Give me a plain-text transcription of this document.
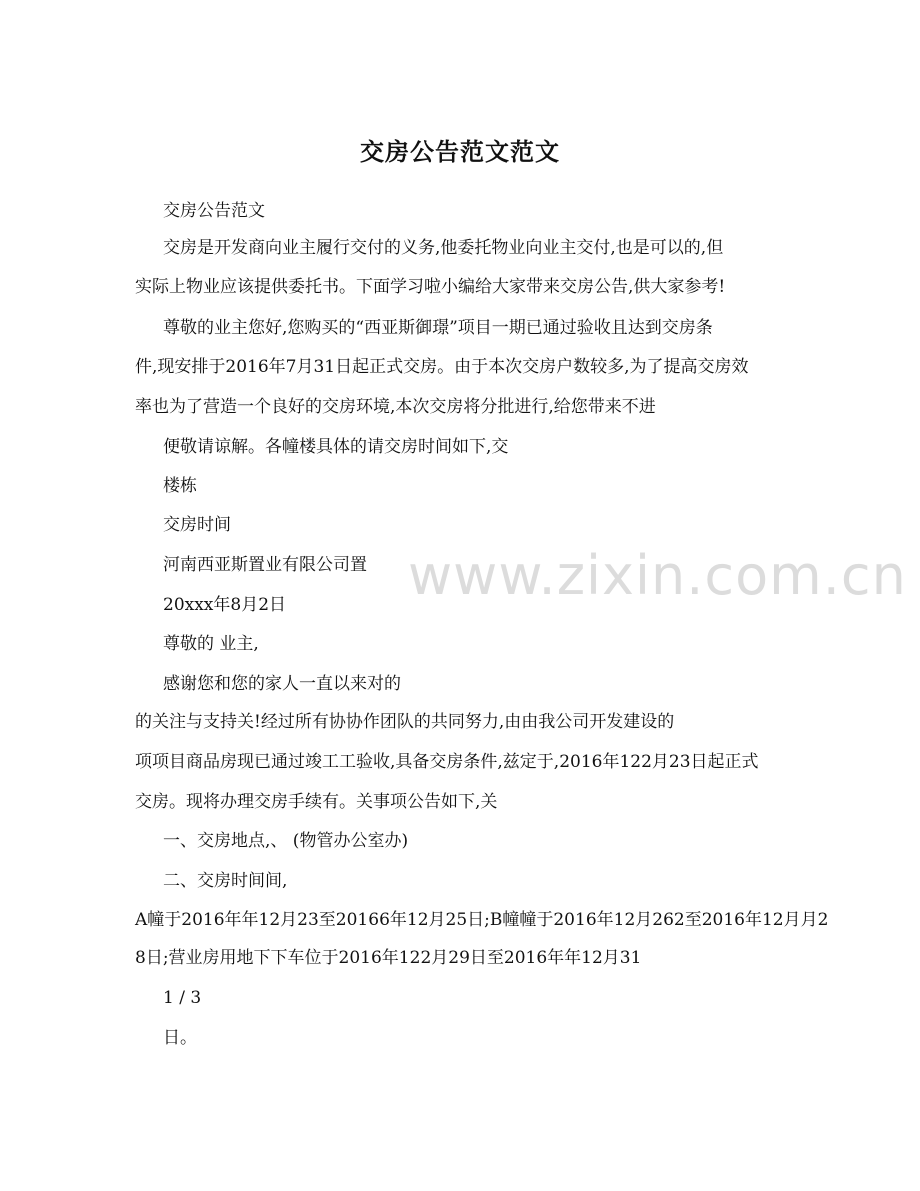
交房公告范文范文
交房公告范文
交房是开发商向业主履行交付的义务,他委托物业向业主交付,也是可以的,但
实际上物业应该提供委托书。下面学习啦小编给大家带来交房公告,供大家参考!
尊敬的业主您好,您购买的“西亚斯御璟”项目一期已通过验收且达到交房条
件,现安排于2016年7月31日起正式交房。由于本次交房户数较多,为了提高交房效
率也为了营造一个良好的交房环境,本次交房将分批进行,给您带来不进
便敬请谅解。各幢楼具体的请交房时间如下,交
楼栋
交房时间
河南西亚斯置业有限公司置 www.zixin.com.cn
20xxx年8月2日
尊敬的 业主,
感谢您和您的家人一直以来对的
的关注与支持关!经过所有协协作团队的共同努力,由由我公司开发建设的
项项目商品房现已通过竣工工验收,具备交房条件,兹定于,2016年122月23日起正式
交房。现将办理交房手续有。关事项公告如下,关
一、交房地点,、 (物管办公室办)
二、交房时间间,
A幢于2016年年12月23至20166年12月25日;B幢幢于2016年12月262至2016年12月月2
8日;营业房用地下下车位于2016年122月29日至2016年年12月31
1 / 3
日。
